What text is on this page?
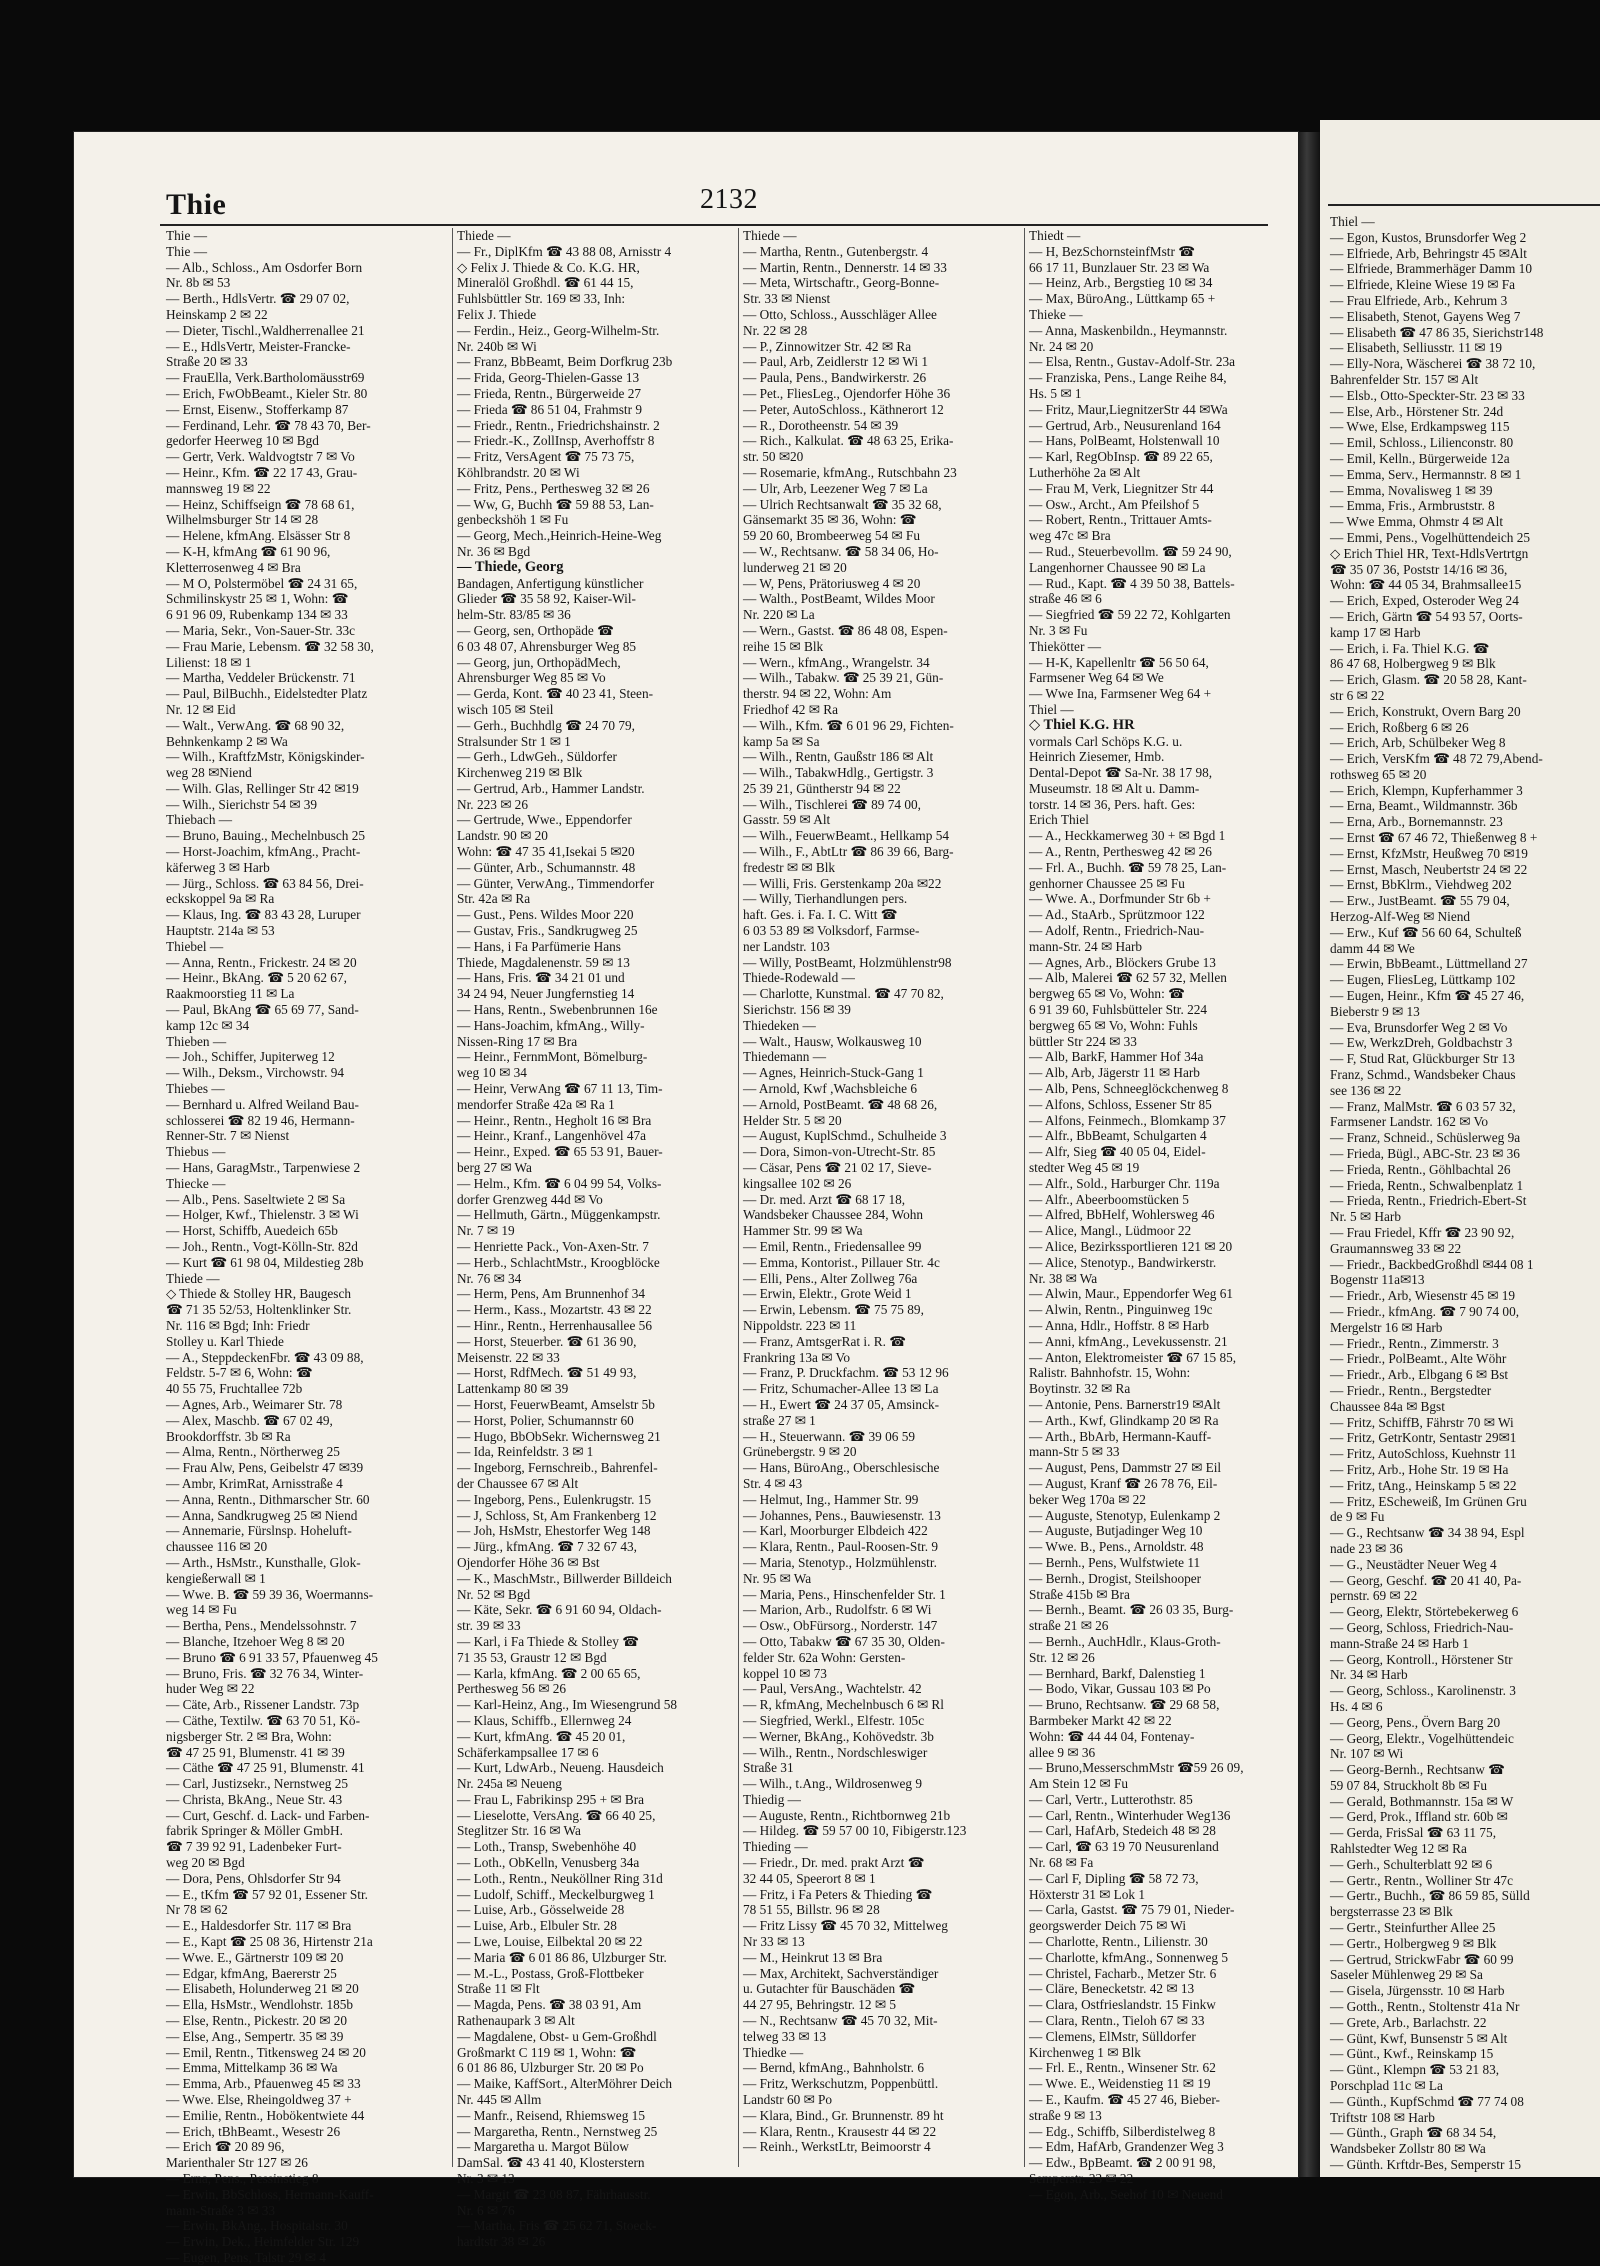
Thie	2132
Thie —
Thie —
— Alb., Schloss., Am Osdorfer Born
Nr. 8b ✉ 53
— Berth., HdlsVertr. ☎ 29 07 02,
Heinskamp 2 ✉ 22
— Dieter, Tischl.,Waldherrenallee 21
— E., HdlsVertr, Meister-Francke-
Straße 20 ✉ 33
— FrauElla, Verk.Bartholomäusstr69
— Erich, FwObBeamt., Kieler Str. 80
— Ernst, Eisenw., Stofferkamp 87
— Ferdinand, Lehr. ☎ 78 43 70, Ber-
gedorfer Heerweg 10 ✉ Bgd
— Gertr, Verk. Waldvogtstr 7 ✉ Vo
— Heinr., Kfm. ☎ 22 17 43, Grau-
mannsweg 19 ✉ 22
— Heinz, Schiffseign ☎ 78 68 61,
Wilhelmsburger Str 14 ✉ 28
— Helene, kfmAng. Elsässer Str 8
— K-H, kfmAng ☎ 61 90 96,
Kletterrosenweg 4 ✉ Bra
— M O, Polstermöbel ☎ 24 31 65,
Schmilinskystr 25 ✉ 1, Wohn: ☎
6 91 96 09, Rubenkamp 134 ✉ 33
— Maria, Sekr., Von-Sauer-Str. 33c
— Frau Marie, Lebensm. ☎ 32 58 30,
Lilienst: 18 ✉ 1
— Martha, Veddeler Brückenstr. 71
— Paul, BilBuchh., Eidelstedter Platz
Nr. 12 ✉ Eid
— Walt., VerwAng. ☎ 68 90 32,
Behnkenkamp 2 ✉ Wa
— Wilh., KraftfzMstr, Königskinder-
weg 28 ✉Niend
— Wilh. Glas, Rellinger Str 42 ✉19
— Wilh., Sierichstr 54 ✉ 39
Thiebach —
— Bruno, Bauing., Mechelnbusch 25
— Horst-Joachim, kfmAng., Pracht-
käferweg 3 ✉ Harb
— Jürg., Schloss. ☎ 63 84 56, Drei-
eckskoppel 9a ✉ Ra
— Klaus, Ing. ☎ 83 43 28, Luruper
Hauptstr. 214a ✉ 53
Thiebel —
— Anna, Rentn., Frickestr. 24 ✉ 20
— Heinr., BkAng. ☎ 5 20 62 67,
Raakmoorstieg 11 ✉ La
— Paul, BkAng ☎ 65 69 77, Sand-
kamp 12c ✉ 34
Thieben —
— Joh., Schiffer, Jupiterweg 12
— Wilh., Deksm., Virchowstr. 94
Thiebes —
— Bernhard u. Alfred Weiland Bau-
schlosserei ☎ 82 19 46, Hermann-
Renner-Str. 7 ✉ Nienst
Thiebus —
— Hans, GaragMstr., Tarpenwiese 2
Thiecke —
— Alb., Pens. Saseltwiete 2 ✉ Sa
— Holger, Kwf., Thielenstr. 3 ✉ Wi
— Horst, Schiffb, Auedeich 65b
— Joh., Rentn., Vogt-Kölln-Str. 82d
— Kurt ☎ 61 98 04, Mildestieg 28b
Thiede —
◇ Thiede & Stolley HR, Baugesch
☎ 71 35 52/53, Holtenklinker Str.
Nr. 116 ✉ Bgd; Inh: Friedr
Stolley u. Karl Thiede
— A., SteppdeckenFbr. ☎ 43 09 88,
Feldstr. 5-7 ✉ 6, Wohn: ☎
40 55 75, Fruchtallee 72b
— Agnes, Arb., Weimarer Str. 78
— Alex, Maschb. ☎ 67 02 49,
Brookdorffstr. 3b ✉ Ra
— Alma, Rentn., Nörtherweg 25
— Frau Alw, Pens, Geibelstr 47 ✉39
— Ambr, KrimRat, Arnisstraße 4
— Anna, Rentn., Dithmarscher Str. 60
— Anna, Sandkrugweg 25 ✉ Niend
— Annemarie, Fürslnsp. Hoheluft-
chaussee 116 ✉ 20
— Arth., HsMstr., Kunsthalle, Glok-
kengießerwall ✉ 1
— Wwe. B. ☎ 59 39 36, Woermanns-
weg 14 ✉ Fu
— Bertha, Pens., Mendelssohnstr. 7
— Blanche, Itzehoer Weg 8 ✉ 20
— Bruno ☎ 6 91 33 57, Pfauenweg 45
— Bruno, Fris. ☎ 32 76 34, Winter-
huder Weg ✉ 22
— Cäte, Arb., Rissener Landstr. 73p
— Cäthe, Textilw. ☎ 63 70 51, Kö-
nigsberger Str. 2 ✉ Bra, Wohn:
☎ 47 25 91, Blumenstr. 41 ✉ 39
— Cäthe ☎ 47 25 91, Blumenstr. 41
— Carl, Justizsekr., Nernstweg 25
— Christa, BkAng., Neue Str. 43
— Curt, Geschf. d. Lack- und Farben-
fabrik Springer & Möller GmbH.
☎ 7 39 92 91, Ladenbeker Furt-
weg 20 ✉ Bgd
— Dora, Pens, Ohlsdorfer Str 94
— E., tKfm ☎ 57 92 01, Essener Str.
Nr 78 ✉ 62
— E., Haldesdorfer Str. 117 ✉ Bra
— E., Kapt ☎ 25 08 36, Hirtenstr 21a
— Wwe. E., Gärtnerstr 109 ✉ 20
— Edgar, kfmAng, Baererstr 25
— Elisabeth, Holunderweg 21 ✉ 20
— Ella, HsMstr., Wendlohstr. 185b
— Else, Rentn., Pickestr. 20 ✉ 20
— Else, Ang., Sempertr. 35 ✉ 39
— Emil, Rentn., Titkensweg 24 ✉ 20
— Emma, Mittelkamp 36 ✉ Wa
— Emma, Arb., Pfauenweg 45 ✉ 33
— Wwe. Else, Rheingoldweg 37 +
— Emilie, Rentn., Hobökentwiete 44
— Erich, tBhBeamt., Wesestr 26
— Erich ☎ 20 89 96,
Marienthaler Str 127 ✉ 26
— Erna, Pens., Pessinstieg 8
— Erwin, BbSchloss, Hermann-Kauff-
mann-Straße 3 ✉ 33
— Erwin, BkAng., Hospitalstr. 30
— Erwin, Dek., Heimfelder Str. 129
— Eugen, Pens, Talstr 29 ✉ 4
Thiede —
— Fr., DiplKfm ☎ 43 88 08, Arnisstr 4
◇ Felix J. Thiede & Co. K.G. HR,
Mineralöl Großhdl. ☎ 61 44 15,
Fuhlsbüttler Str. 169 ✉ 33, Inh:
Felix J. Thiede
— Ferdin., Heiz., Georg-Wilhelm-Str.
Nr. 240b ✉ Wi
— Franz, BbBeamt, Beim Dorfkrug 23b
— Frida, Georg-Thielen-Gasse 13
— Frieda, Rentn., Bürgerweide 27
— Frieda ☎ 86 51 04, Frahmstr 9
— Friedr., Rentn., Friedrichshainstr. 2
— Friedr.-K., ZollInsp, Averhoffstr 8
— Fritz, VersAgent ☎ 75 73 75,
Köhlbrandstr. 20 ✉ Wi
— Fritz, Pens., Perthesweg 32 ✉ 26
— Ww, G, Buchh ☎ 59 88 53, Lan-
genbeckshöh 1 ✉ Fu
— Georg, Mech.,Heinrich-Heine-Weg
Nr. 36 ✉ Bgd
— Thiede, Georg
Bandagen, Anfertigung künstlicher
Glieder ☎ 35 58 92, Kaiser-Wil-
helm-Str. 83/85 ✉ 36
— Georg, sen, Orthopäde ☎
6 03 48 07, Ahrensburger Weg 85
— Georg, jun, OrthopädMech,
Ahrensburger Weg 85 ✉ Vo
— Gerda, Kont. ☎ 40 23 41, Steen-
wisch 105 ✉ Steil
— Gerh., Buchhdlg ☎ 24 70 79,
Stralsunder Str 1 ✉ 1
— Gerh., LdwGeh., Süldorfer
Kirchenweg 219 ✉ Blk
— Gertrud, Arb., Hammer Landstr.
Nr. 223 ✉ 26
— Gertrude, Wwe., Eppendorfer
Landstr. 90 ✉ 20
Wohn: ☎ 47 35 41,Isekai 5 ✉20
— Günter, Arb., Schumannstr. 48
— Günter, VerwAng., Timmendorfer
Str. 42a ✉ Ra
— Gust., Pens. Wildes Moor 220
— Gustav, Fris., Sandkrugweg 25
— Hans, i Fa Parfümerie Hans
Thiede, Magdalenenstr. 59 ✉ 13
— Hans, Fris. ☎ 34 21 01 und
34 24 94, Neuer Jungfernstieg 14
— Hans, Rentn., Swebenbrunnen 16e
— Hans-Joachim, kfmAng., Willy-
Nissen-Ring 17 ✉ Bra
— Heinr., FernmMont, Bömelburg-
weg 10 ✉ 34
— Heinr, VerwAng ☎ 67 11 13, Tim-
mendorfer Straße 42a ✉ Ra 1
— Heinr., Rentn., Hegholt 16 ✉ Bra
— Heinr., Kranf., Langenhövel 47a
— Heinr., Exped. ☎ 65 53 91, Bauer-
berg 27 ✉ Wa
— Helm., Kfm. ☎ 6 04 99 54, Volks-
dorfer Grenzweg 44d ✉ Vo
— Hellmuth, Gärtn., Müggenkampstr.
Nr. 7 ✉ 19
— Henriette Pack., Von-Axen-Str. 7
— Herb., SchlachtMstr., Kroogblöcke
Nr. 76 ✉ 34
— Herm, Pens, Am Brunnenhof 34
— Herm., Kass., Mozartstr. 43 ✉ 22
— Hinr., Rentn., Herrenhausallee 56
— Horst, Steuerber. ☎ 61 36 90,
Meisenstr. 22 ✉ 33
— Horst, RdfMech. ☎ 51 49 93,
Lattenkamp 80 ✉ 39
— Horst, FeuerwBeamt, Amselstr 5b
— Horst, Polier, Schumannstr 60
— Hugo, BbObSekr. Wichernsweg 21
— Ida, Reinfeldstr. 3 ✉ 1
— Ingeborg, Fernschreib., Bahrenfel-
der Chaussee 67 ✉ Alt
— Ingeborg, Pens., Eulenkrugstr. 15
— J, Schloss, St, Am Frankenberg 12
— Joh, HsMstr, Ehestorfer Weg 148
— Jürg., kfmAng. ☎ 7 32 67 43,
Ojendorfer Höhe 36 ✉ Bst
— K., MaschMstr., Billwerder Billdeich
Nr. 52 ✉ Bgd
— Käte, Sekr. ☎ 6 91 60 94, Oldach-
str. 39 ✉ 33
— Karl, i Fa Thiede & Stolley ☎
71 35 53, Graustr 12 ✉ Bgd
— Karla, kfmAng. ☎ 2 00 65 65,
Perthesweg 56 ✉ 26
— Karl-Heinz, Ang., Im Wiesengrund 58
— Klaus, Schiffb., Ellernweg 24
— Kurt, kfmAng. ☎ 45 20 01,
Schäferkampsallee 17 ✉ 6
— Kurt, LdwArb., Neueng. Hausdeich
Nr. 245a ✉ Neueng
— Frau L, Fabrikinsp 295 + ✉ Bra
— Lieselotte, VersAng. ☎ 66 40 25,
Steglitzer Str. 16 ✉ Wa
— Loth., Transp, Swebenhöhe 40
— Loth., ObKelln, Venusberg 34a
— Loth., Rentn., Neuköllner Ring 31d
— Ludolf, Schiff., Meckelburgweg 1
— Luise, Arb., Gösselweide 28
— Luise, Arb., Elbuler Str. 28
— Lwe, Louise, Eilbektal 20 ✉ 22
— Maria ☎ 6 01 86 86, Ulzburger Str.
— M.-L., Postass, Groß-Flottbeker
Straße 11 ✉ Flt
— Magda, Pens. ☎ 38 03 91, Am
Rathenaupark 3 ✉ Alt
— Magdalene, Obst- u Gem-Großhdl
Großmarkt C 119 ✉ 1, Wohn: ☎
6 01 86 86, Ulzburger Str. 20 ✉ Po
— Maike, KaffSort., AlterMöhrer Deich
Nr. 445 ✉ Allm
— Manfr., Reisend, Rhiemsweg 15
— Margaretha, Rentn., Nernstweg 25
— Margaretha u. Margot Bülow
DamSal. ☎ 43 41 40, Klosterstern
Nr. 3 ✉ 13
— Margit ☎ 23 08 87, Fährhausstr.
Nr. 6 ✉ 76
— Martha, Fris ☎ 25 62 71, Stoeck-
hardtstr 38 ✉ 26
Thiede —
— Martha, Rentn., Gutenbergstr. 4
— Martin, Rentn., Dennerstr. 14 ✉ 33
— Meta, Wirtschaftr., Georg-Bonne-
Str. 33 ✉ Nienst
— Otto, Schloss., Ausschläger Allee
Nr. 22 ✉ 28
— P., Zinnowitzer Str. 42 ✉ Ra
— Paul, Arb, Zeidlerstr 12 ✉ Wi 1
— Paula, Pens., Bandwirkerstr. 26
— Pet., FliesLeg., Ojendorfer Höhe 36
— Peter, AutoSchloss., Käthnerort 12
— R., Dorotheenstr. 54 ✉ 39
— Rich., Kalkulat. ☎ 48 63 25, Erika-
str. 50 ✉20
— Rosemarie, kfmAng., Rutschbahn 23
— Ulr, Arb, Leezener Weg 7 ✉ La
— Ulrich Rechtsanwalt ☎ 35 32 68,
Gänsemarkt 35 ✉ 36, Wohn: ☎
59 20 60, Brombeerweg 54 ✉ Fu
— W., Rechtsanw. ☎ 58 34 06, Ho-
lunderweg 21 ✉ 20
— W, Pens, Prätoriusweg 4 ✉ 20
— Walth., PostBeamt, Wildes Moor
Nr. 220 ✉ La
— Wern., Gastst. ☎ 86 48 08, Espen-
reihe 15 ✉ Blk
— Wern., kfmAng., Wrangelstr. 34
— Wilh., Tabakw. ☎ 25 39 21, Gün-
therstr. 94 ✉ 22, Wohn: Am
Friedhof 42 ✉ Ra
— Wilh., Kfm. ☎ 6 01 96 29, Fichten-
kamp 5a ✉ Sa
— Wilh., Rentn, Gaußstr 186 ✉ Alt
— Wilh., TabakwHdlg., Gertigstr. 3
25 39 21, Güntherstr 94 ✉ 22
— Wilh., Tischlerei ☎ 89 74 00,
Gasstr. 59 ✉ Alt
— Wilh., FeuerwBeamt., Hellkamp 54
— Wilh., F., AbtLtr ☎ 86 39 66, Barg-
fredestr ✉ ✉ Blk
— Willi, Fris. Gerstenkamp 20a ✉22
— Willy, Tierhandlungen pers.
haft. Ges. i. Fa. I. C. Witt ☎
6 03 53 89 ✉ Volksdorf, Farmse-
ner Landstr. 103
— Willy, PostBeamt, Holzmühlenstr98
Thiede-Rodewald —
— Charlotte, Kunstmal. ☎ 47 70 82,
Sierichstr. 156 ✉ 39
Thiedeken —
— Walt., Hausw, Wolkausweg 10
Thiedemann —
— Agnes, Heinrich-Stuck-Gang 1
— Arnold, Kwf ,Wachsbleiche 6
— Arnold, PostBeamt. ☎ 48 68 26,
Helder Str. 5 ✉ 20
— August, KuplSchmd., Schulheide 3
— Dora, Simon-von-Utrecht-Str. 85
— Cäsar, Pens ☎ 21 02 17, Sieve-
kingsallee 102 ✉ 26
— Dr. med. Arzt ☎ 68 17 18,
Wandsbeker Chaussee 284, Wohn
Hammer Str. 99 ✉ Wa
— Emil, Rentn., Friedensallee 99
— Emma, Kontorist., Pillauer Str. 4c
— Elli, Pens., Alter Zollweg 76a
— Erwin, Elektr., Grote Weid 1
— Erwin, Lebensm. ☎ 75 75 89,
Nippoldstr. 223 ✉ 11
— Franz, AmtsgerRat i. R. ☎
Frankring 13a ✉ Vo
— Franz, P. Druckfachm. ☎ 53 12 96
— Fritz, Schumacher-Allee 13 ✉ La
— H., Ewert ☎ 24 37 05, Amsinck-
straße 27 ✉ 1
— H., Steuerwann. ☎ 39 06 59
Grünebergstr. 9 ✉ 20
— Hans, BüroAng., Oberschlesische
Str. 4 ✉ 43
— Helmut, Ing., Hammer Str. 99
— Johannes, Pens., Bauwiesenstr. 13
— Karl, Moorburger Elbdeich 422
— Klara, Rentn., Paul-Roosen-Str. 9
— Maria, Stenotyp., Holzmühlenstr.
Nr. 95 ✉ Wa
— Maria, Pens., Hinschenfelder Str. 1
— Marion, Arb., Rudolfstr. 6 ✉ Wi
— Osw., ObFürsorg., Norderstr. 147
— Otto, Tabakw ☎ 67 35 30, Olden-
felder Str. 62a Wohn: Gersten-
koppel 10 ✉ 73
— Paul, VersAng., Wachtelstr. 42
— R, kfmAng, Mechelnbusch 6 ✉ Rl
— Siegfried, Werkl., Elfestr. 105c
— Werner, BkAng., Kohövedstr. 3b
— Wilh., Rentn., Nordschleswiger
Straße 31
— Wilh., t.Ang., Wildrosenweg 9
Thiedig —
— Auguste, Rentn., Richtbornweg 21b
— Hildeg. ☎ 59 57 00 10, Fibigerstr.123
Thieding —
— Friedr., Dr. med. prakt Arzt ☎
32 44 05, Speerort 8 ✉ 1
— Fritz, i Fa Peters & Thieding ☎
78 51 55, Billstr. 96 ✉ 28
— Fritz Lissy ☎ 45 70 32, Mittelweg
Nr 33 ✉ 13
— M., Heinkrut 13 ✉ Bra
— Max, Architekt, Sachverständiger
u. Gutachter für Bauschäden ☎
44 27 95, Behringstr. 12 ✉ 5
— N., Rechtsanw ☎ 45 70 32, Mit-
telweg 33 ✉ 13
Thiedke —
— Bernd, kfmAng., Bahnholstr. 6
— Fritz, Werkschutzm, Poppenbüttl.
Landstr 60 ✉ Po
— Klara, Bind., Gr. Brunnenstr. 89 ht
— Klara, Rentn., Krausestr 44 ✉ 22
— Reinh., WerkstLtr, Beimoorstr 4
Thiedt —
— H, BezSchornsteinfMstr ☎
66 17 11, Bunzlauer Str. 23 ✉ Wa
— Heinz, Arb., Bergstieg 10 ✉ 34
— Max, BüroAng., Lüttkamp 65 +
Thieke —
— Anna, Maskenbildn., Heymannstr.
Nr. 24 ✉ 20
— Elsa, Rentn., Gustav-Adolf-Str. 23a
— Franziska, Pens., Lange Reihe 84,
Hs. 5 ✉ 1
— Fritz, Maur,LiegnitzerStr 44 ✉Wa
— Gertrud, Arb., Neusurenland 164
— Hans, PolBeamt, Holstenwall 10
— Karl, RegObInsp. ☎ 89 22 65,
Lutherhöhe 2a ✉ Alt
— Frau M, Verk, Liegnitzer Str 44
— Osw., Archt., Am Pfeilshof 5
— Robert, Rentn., Trittauer Amts-
weg 47c ✉ Bra
— Rud., Steuerbevollm. ☎ 59 24 90,
Langenhorner Chaussee 90 ✉ La
— Rud., Kapt. ☎ 4 39 50 38, Battels-
straße 46 ✉ 6
— Siegfried ☎ 59 22 72, Kohlgarten
Nr. 3 ✉ Fu
Thiekötter —
— H-K, Kapellenltr ☎ 56 50 64,
Farmsener Weg 64 ✉ We
— Wwe Ina, Farmsener Weg 64 +
Thiel —
◇ Thiel K.G. HR
vormals Carl Schöps K.G. u.
Heinrich Ziesemer, Hmb.
Dental-Depot ☎ Sa-Nr. 38 17 98,
Museumstr. 18 ✉ Alt u. Damm-
torstr. 14 ✉ 36, Pers. haft. Ges:
Erich Thiel
— A., Heckkamerweg 30 + ✉ Bgd 1
— A., Rentn, Perthesweg 42 ✉ 26
— Frl. A., Buchh. ☎ 59 78 25, Lan-
genhorner Chaussee 25 ✉ Fu
— Wwe. A., Dorfmunder Str 6b +
— Ad., StaArb., Sprützmoor 122
— Adolf, Rentn., Friedrich-Nau-
mann-Str. 24 ✉ Harb
— Agnes, Arb., Blöckers Grube 13
— Alb, Malerei ☎ 62 57 32, Mellen
bergweg 65 ✉ Vo, Wohn: ☎
6 91 39 60, Fuhlsbütteler Str. 224
bergweg 65 ✉ Vo, Wohn: Fuhls
büttler Str 224 ✉ 33
— Alb, BarkF, Hammer Hof 34a
— Alb, Arb, Jägerstr 11 ✉ Harb
— Alb, Pens, Schneeglöckchenweg 8
— Alfons, Schloss, Essener Str 85
— Alfons, Feinmech., Blomkamp 37
— Alfr., BbBeamt, Schulgarten 4
— Alfr, Sieg ☎ 40 05 04, Eidel-
stedter Weg 45 ✉ 19
— Alfr., Sold., Harburger Chr. 119a
— Alfr., Abeerboomstücken 5
— Alfred, BbHelf, Wohlersweg 46
— Alice, Mangl., Lüdmoor 22
— Alice, Bezirkssportlieren 121 ✉ 20
— Alice, Stenotyp., Bandwirkerstr.
Nr. 38 ✉ Wa
— Alwin, Maur., Eppendorfer Weg 61
— Alwin, Rentn., Pinguinweg 19c
— Anna, Hdlr., Hoffstr. 8 ✉ Harb
— Anni, kfmAng., Levekussenstr. 21
— Anton, Elektromeister ☎ 67 15 85,
Ralistr. Bahnhofstr. 15, Wohn:
Boytinstr. 32 ✉ Ra
— Antonie, Pens. Barnerstr19 ✉Alt
— Arth., Kwf, Glindkamp 20 ✉ Ra
— Arth., BbArb, Hermann-Kauff-
mann-Str 5 ✉ 33
— August, Pens, Dammstr 27 ✉ Eil
— August, Kranf ☎ 26 78 76, Eil-
beker Weg 170a ✉ 22
— Auguste, Stenotyp, Eulenkamp 2
— Auguste, Butjadinger Weg 10
— Wwe. B., Pens., Arnoldstr. 48
— Bernh., Pens, Wulfstwiete 11
— Bernh., Drogist, Steilshooper
Straße 415b ✉ Bra
— Bernh., Beamt. ☎ 26 03 35, Burg-
straße 21 ✉ 26
— Bernh., AuchHdlr., Klaus-Groth-
Str. 12 ✉ 26
— Bernhard, Barkf, Dalenstieg 1
— Bodo, Vikar, Gussau 103 ✉ Po
— Bruno, Rechtsanw. ☎ 29 68 58,
Barmbeker Markt 42 ✉ 22
Wohn: ☎ 44 44 04, Fontenay-
allee 9 ✉ 36
— Bruno,MesserschmMstr ☎59 26 09,
Am Stein 12 ✉ Fu
— Carl, Vertr., Lutterothstr. 85
— Carl, Rentn., Winterhuder Weg136
— Carl, HafArb, Stedeich 48 ✉ 28
— Carl, ☎ 63 19 70 Neusurenland
Nr. 68 ✉ Fa
— Carl F, Dipling ☎ 58 72 73,
Höxterstr 31 ✉ Lok 1
— Carla, Gastst. ☎ 75 79 01, Nieder-
georgswerder Deich 75 ✉ Wi
— Charlotte, Rentn., Lilienstr. 30
— Charlotte, kfmAng., Sonnenweg 5
— Christel, Facharb., Metzer Str. 6
— Cläre, Benecketstr. 42 ✉ 13
— Clara, Ostfrieslandstr. 15 Finkw
— Clara, Rentn., Tieloh 67 ✉ 33
— Clemens, ElMstr, Sülldorfer
Kirchenweg 1 ✉ Blk
— Frl. E., Rentn., Winsener Str. 62
— Wwe. E., Weidenstieg 11 ✉ 19
— E., Kaufm. ☎ 45 27 46, Bieber-
straße 9 ✉ 13
— Edg., Schiffb, Silberdistelweg 8
— Edm, HafArb, Grandenzer Weg 3
— Edw., BpBeamt. ☎ 2 00 91 98,
Semperstr. 23 ✉ 22
— Egon, Arb., Seehof 10 ✉ Neuend
Thiel —
— Egon, Kustos, Brunsdorfer Weg 2
— Elfriede, Arb, Behringstr 45 ✉Alt
— Elfriede, Brammerhäger Damm 10
— Elfriede, Kleine Wiese 19 ✉ Fa
— Frau Elfriede, Arb., Kehrum 3
— Elisabeth, Stenot, Gayens Weg 7
— Elisabeth ☎ 47 86 35, Sierichstr148
— Elisabeth, Selliusstr. 11 ✉ 19
— Elly-Nora, Wäscherei ☎ 38 72 10,
Bahrenfelder Str. 157 ✉ Alt
— Elsb., Otto-Speckter-Str. 23 ✉ 33
— Else, Arb., Hörstener Str. 24d
— Wwe, Else, Erdkampsweg 115
— Emil, Schloss., Lilienconstr. 80
— Emil, Kelln., Bürgerweide 12a
— Emma, Serv., Hermannstr. 8 ✉ 1
— Emma, Novalisweg 1 ✉ 39
— Emma, Fris., Armbruststr. 8
— Wwe Emma, Ohmstr 4 ✉ Alt
— Emmi, Pens., Vogelhüttendeich 25
◇ Erich Thiel HR, Text-HdlsVertrtgn
☎ 35 07 36, Poststr 14/16 ✉ 36,
Wohn: ☎ 44 05 34, Brahmsallee15
— Erich, Exped, Osteroder Weg 24
— Erich, Gärtn ☎ 54 93 57, Oorts-
kamp 17 ✉ Harb
— Erich, i. Fa. Thiel K.G. ☎
86 47 68, Holbergweg 9 ✉ Blk
— Erich, Glasm. ☎ 20 58 28, Kant-
str 6 ✉ 22
— Erich, Konstrukt, Overn Barg 20
— Erich, Roßberg 6 ✉ 26
— Erich, Arb, Schülbeker Weg 8
— Erich, VersKfm ☎ 48 72 79,Abend-
rothsweg 65 ✉ 20
— Erich, Klempn, Kupferhammer 3
— Erna, Beamt., Wildmannstr. 36b
— Erna, Arb., Bornemannstr. 23
— Ernst ☎ 67 46 72, Thießenweg 8 +
— Ernst, KfzMstr, Heußweg 70 ✉19
— Ernst, Masch, Neubertstr 24 ✉ 22
— Ernst, BbKlrm., Viehdweg 202
— Erw., JustBeamt. ☎ 55 79 04,
Herzog-Alf-Weg ✉ Niend
— Erw., Kuf ☎ 56 60 64, Schulteß
damm 44 ✉ We
— Erwin, BbBeamt., Lüttmelland 27
— Eugen, FliesLeg, Lüttkamp 102
— Eugen, Heinr., Kfm ☎ 45 27 46,
Bieberstr 9 ✉ 13
— Eva, Brunsdorfer Weg 2 ✉ Vo
— Ew, WerkzDreh, Goldbachstr 3
— F, Stud Rat, Glückburger Str 13
Franz, Schmd., Wandsbeker Chaus
see 136 ✉ 22
— Franz, MalMstr. ☎ 6 03 57 32,
Farmsener Landstr. 162 ✉ Vo
— Franz, Schneid., Schüslerweg 9a
— Frieda, Bügl., ABC-Str. 23 ✉ 36
— Frieda, Rentn., Göhlbachtal 26
— Frieda, Rentn., Schwalbenplatz 1
— Frieda, Rentn., Friedrich-Ebert-St
Nr. 5 ✉ Harb
— Frau Friedel, Kffr ☎ 23 90 92,
Graumannsweg 33 ✉ 22
— Friedr., BackbedGroßhdl ✉44 08 1
Bogenstr 11a✉13
— Friedr., Arb, Wiesenstr 45 ✉ 19
— Friedr., kfmAng. ☎ 7 90 74 00,
Mergelstr 16 ✉ Harb
— Friedr., Rentn., Zimmerstr. 3
— Friedr., PolBeamt., Alte Wöhr
— Friedr., Arb., Elbgang 6 ✉ Bst
— Friedr., Rentn., Bergstedter
Chaussee 84a ✉ Bgst
— Fritz, SchiffB, Fährstr 70 ✉ Wi
— Fritz, GetrKontr, Sentastr 29✉1
— Fritz, AutoSchloss, Kuehnstr 11
— Fritz, Arb., Hohe Str. 19 ✉ Ha
— Fritz, tAng., Heinskamp 5 ✉ 22
— Fritz, EScheweiß, Im Grünen Gru
de 9 ✉ Fu
— G., Rechtsanw ☎ 34 38 94, Espl
nade 23 ✉ 36
— G., Neustädter Neuer Weg 4
— Georg, Geschf. ☎ 20 41 40, Pa-
pernstr. 69 ✉ 22
— Georg, Elektr, Störtebekerweg 6
— Georg, Schloss, Friedrich-Nau-
mann-Straße 24 ✉ Harb 1
— Georg, Kontroll., Hörstener Str
Nr. 34 ✉ Harb
— Georg, Schloss., Karolinenstr. 3
Hs. 4 ✉ 6
— Georg, Pens., Övern Barg 20
— Georg, Elektr., Vogelhüttendeic
Nr. 107 ✉ Wi
— Georg-Bernh., Rechtsanw ☎
59 07 84, Struckholt 8b ✉ Fu
— Gerald, Bothmannstr. 15a ✉ W
— Gerd, Prok., Iffland str. 60b ✉
— Gerda, FrisSal ☎ 63 11 75,
Rahlstedter Weg 12 ✉ Ra
— Gerh., Schulterblatt 92 ✉ 6
— Gertr., Rentn., Wolliner Str 47c
— Gertr., Buchh., ☎ 86 59 85, Sülld
bergsterrasse 23 ✉ Blk
— Gertr., Steinfurther Allee 25
— Gertr., Holbergweg 9 ✉ Blk
— Gertrud, StrickwFabr ☎ 60 99
Saseler Mühlenweg 29 ✉ Sa
— Gisela, Jürgensstr. 10 ✉ Harb
— Gotth., Rentn., Stoltenstr 41a Nr
— Grete, Arb., Barlachstr. 22
— Günt, Kwf, Bunsenstr 5 ✉ Alt
— Günt., Kwf., Reinskamp 15
— Günt., Klempn ☎ 53 21 83,
Porschplad 11c ✉ La
— Günth., KupfSchmd ☎ 77 74 08
Triftstr 108 ✉ Harb
— Günth., Graph ☎ 68 34 54,
Wandsbeker Zollstr 80 ✉ Wa
— Günth. Krftdr-Bes, Semperstr 15
